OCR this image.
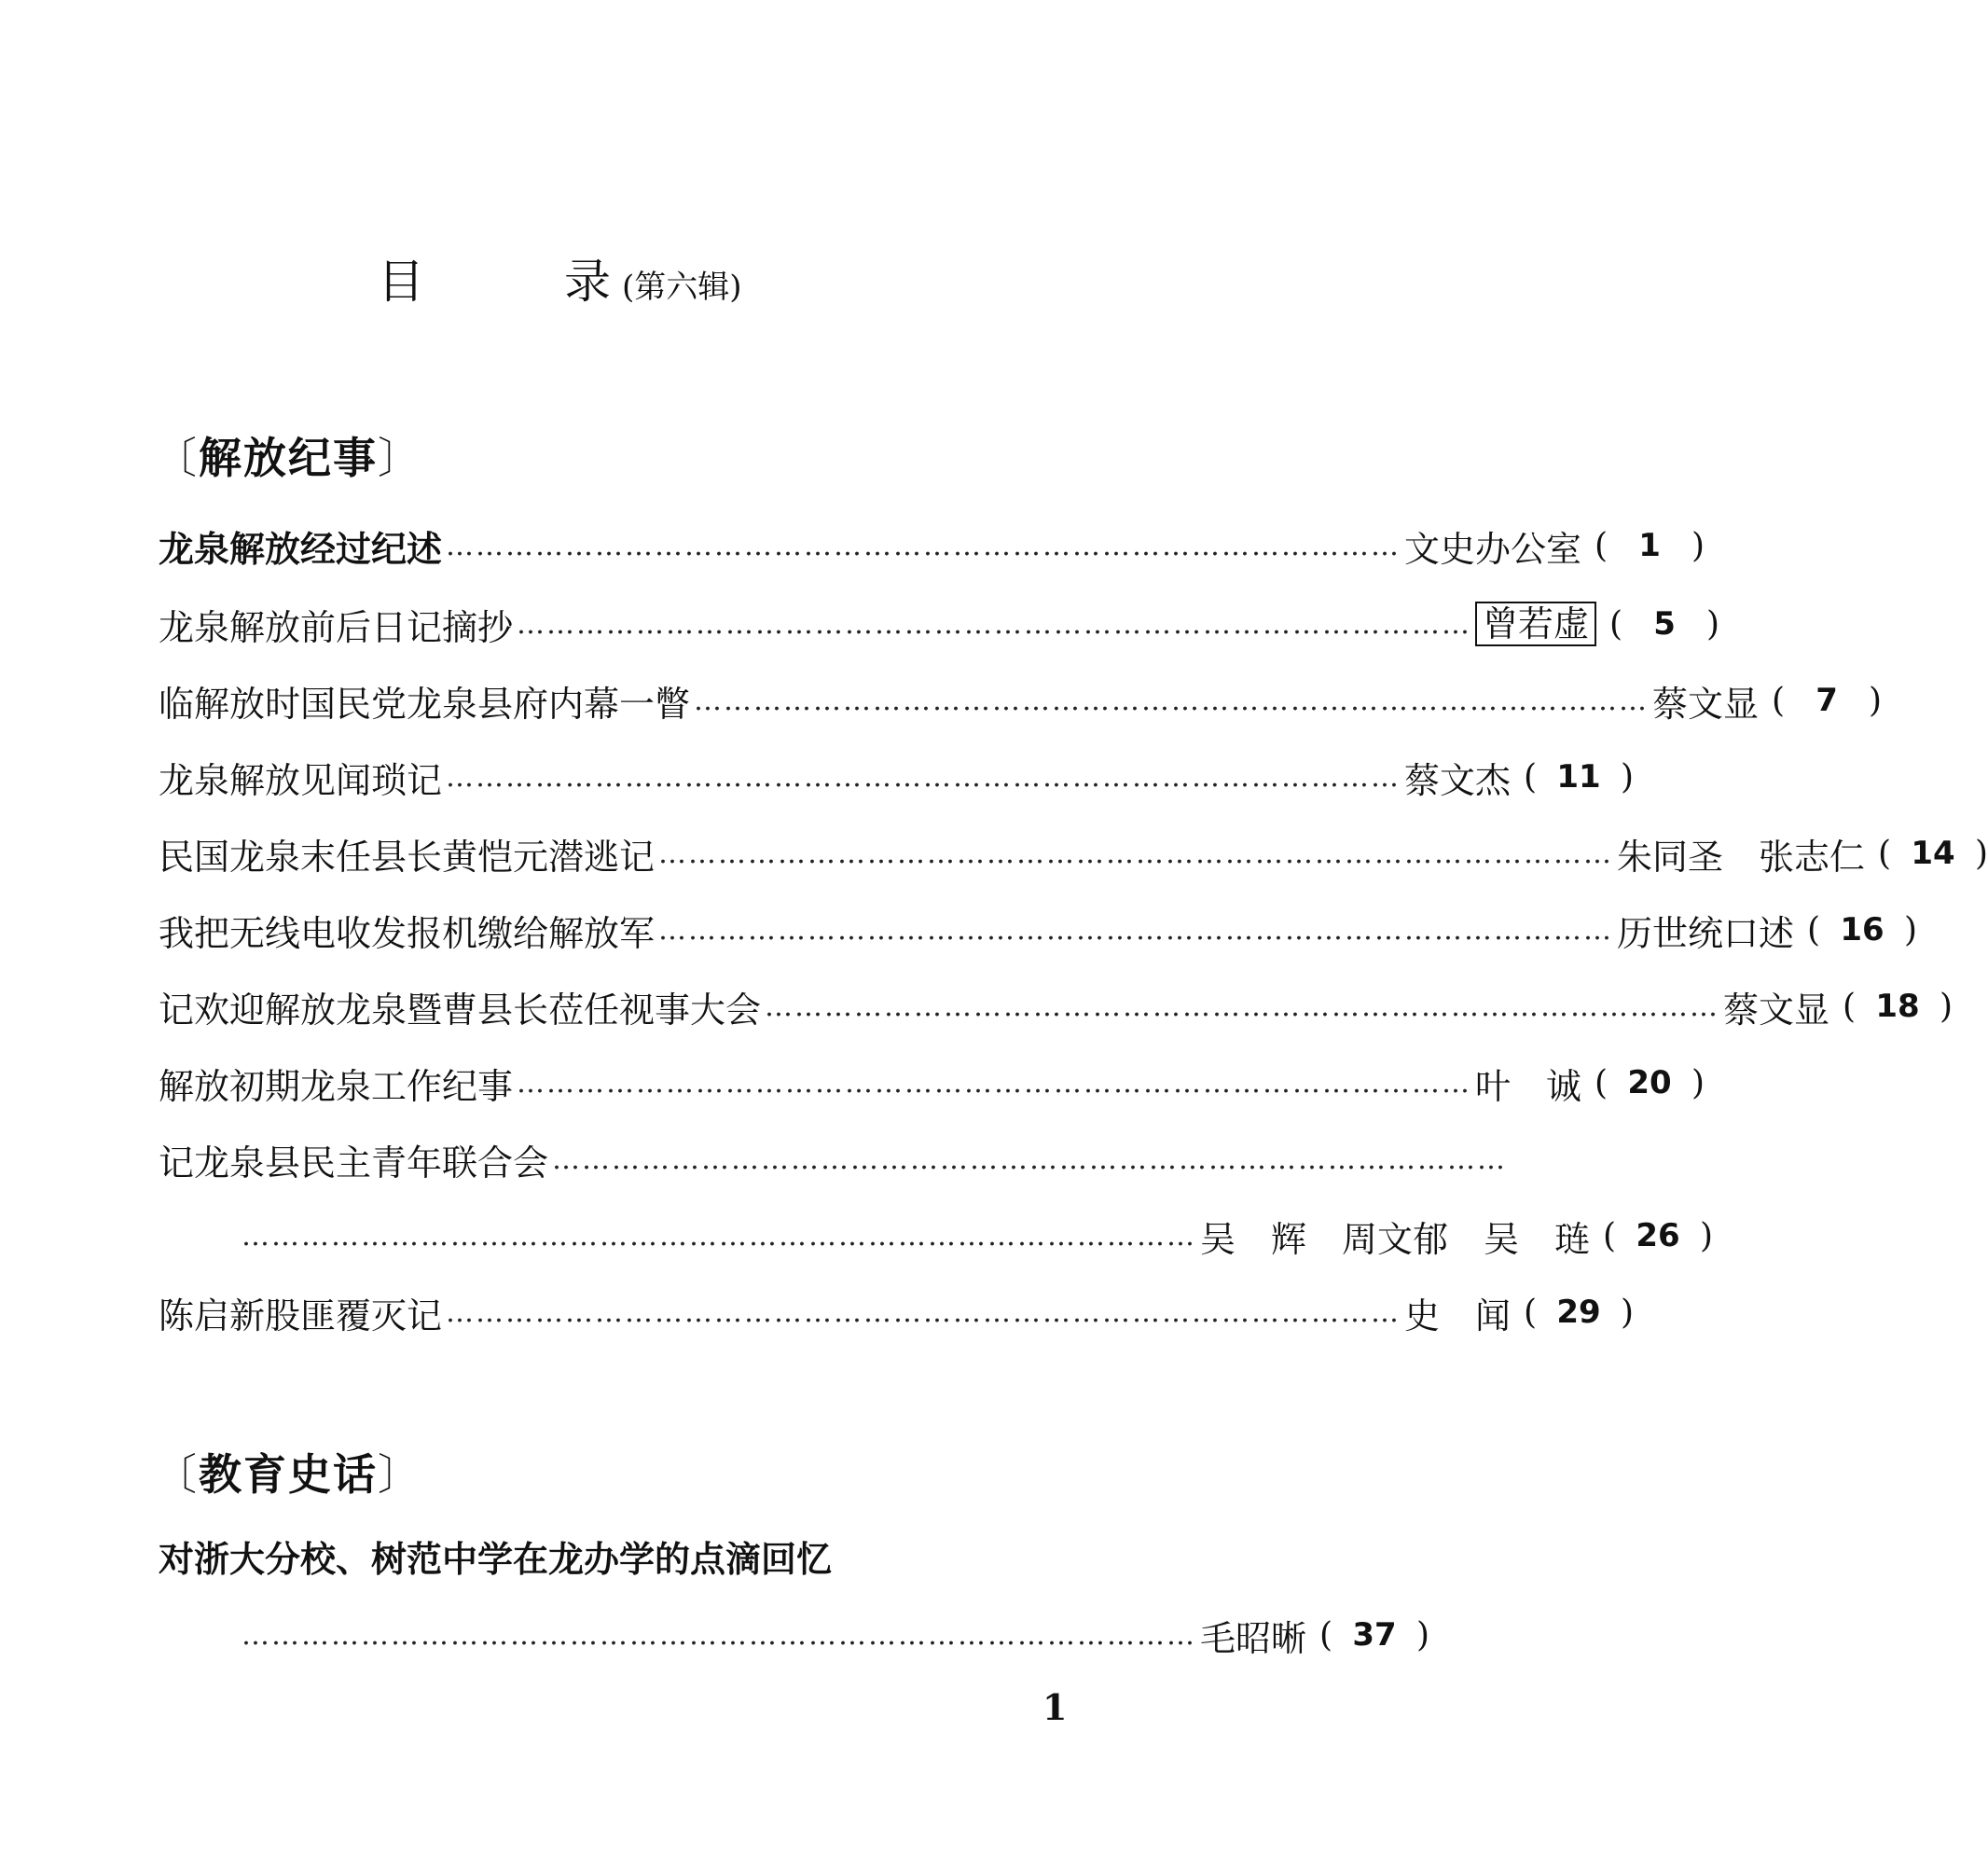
目	录 (第六辑)
〔解放纪事〕
龙泉解放经过纪述 …………………………………………………………………………………… 文史办公室 ( 1 )
龙泉解放前后日记摘抄 …………………………………………………………………………………… 曾若虚 ( 5 )
临解放时国民党龙泉县府内幕一瞥 …………………………………………………………………………………… 蔡文显 ( 7 )
龙泉解放见闻琐记 …………………………………………………………………………………… 蔡文杰 ( 11 )
民国龙泉末任县长黄恺元潜逃记 …………………………………………………………………………………… 朱同圣　张志仁 ( 14 )
我把无线电收发报机缴给解放军 …………………………………………………………………………………… 历世统口述 ( 16 )
记欢迎解放龙泉暨曹县长莅任视事大会 …………………………………………………………………………………… 蔡文显 ( 18 )
解放初期龙泉工作纪事 …………………………………………………………………………………… 叶　诚 ( 20 )
记龙泉县民主青年联合会 ……………………………………………………………………………………
…………………………………………………………………………………… 吴　辉　周文郁　吴　琏 ( 26 )
陈启新股匪覆灭记 …………………………………………………………………………………… 史　闻 ( 29 )
〔教育史话〕
对浙大分校、树范中学在龙办学的点滴回忆
…………………………………………………………………………………… 毛昭晰 ( 37 )
1
